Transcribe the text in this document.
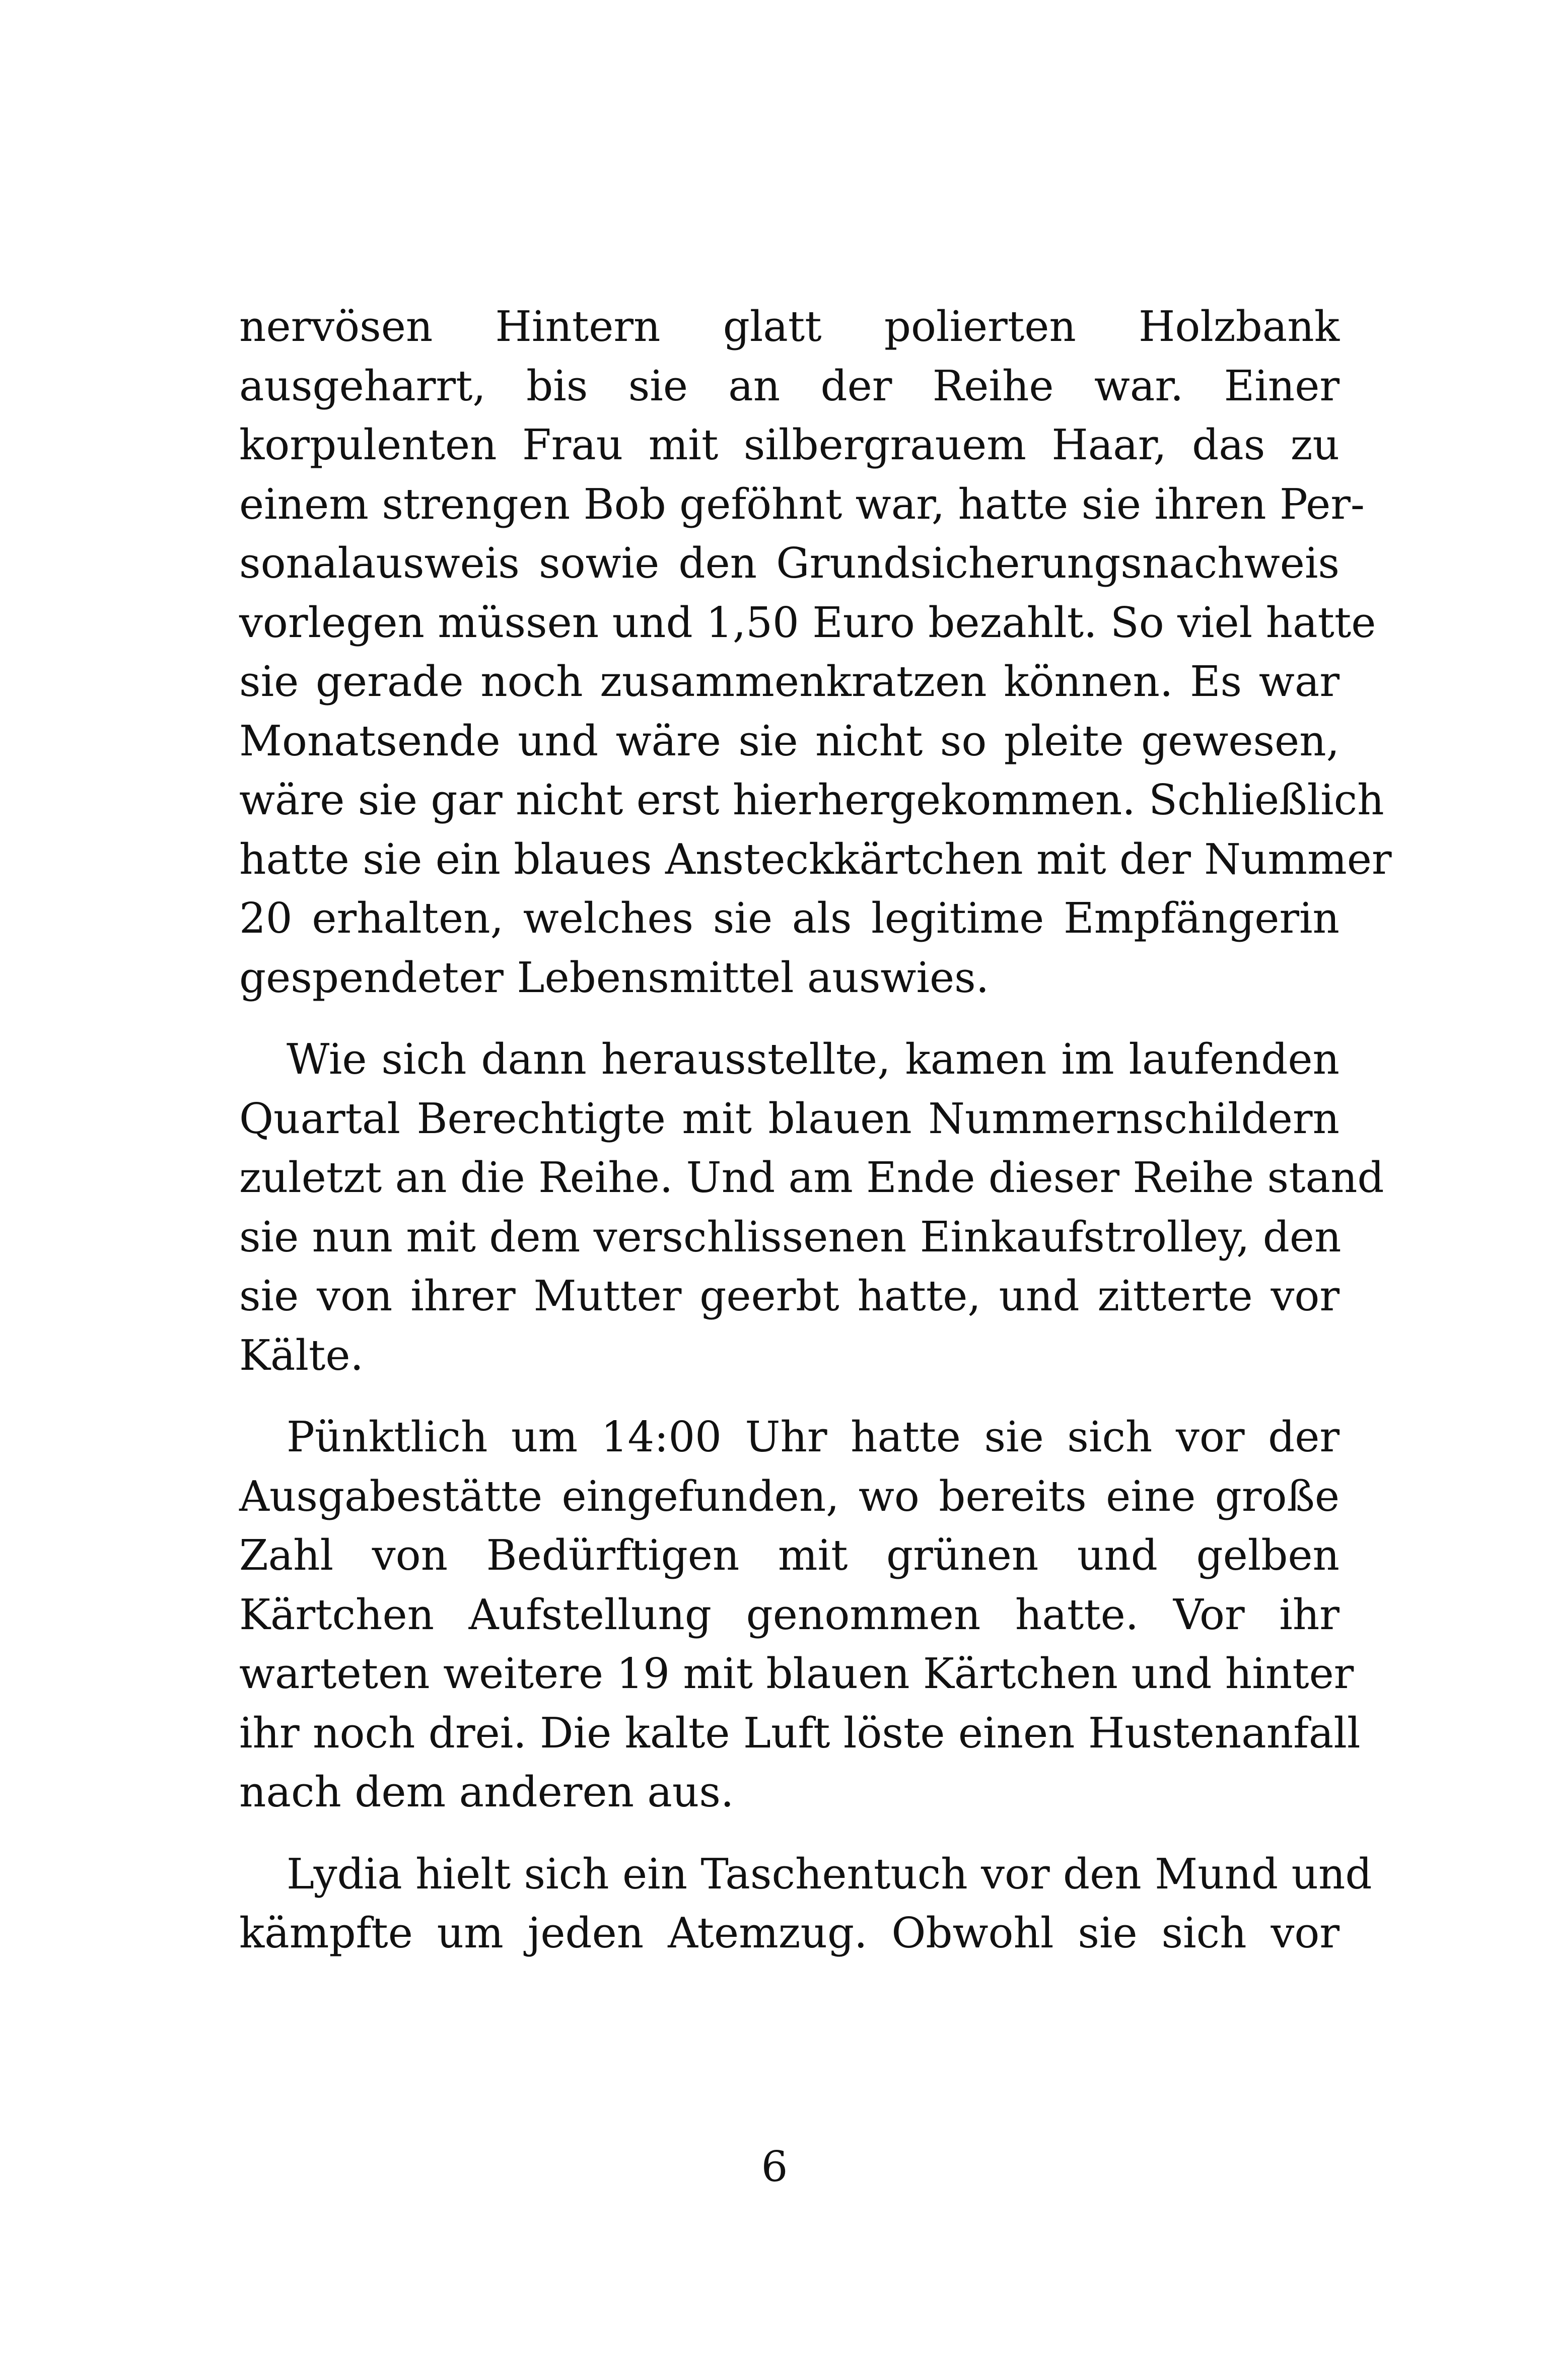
nervösen Hintern glatt polierten Holzbank
ausgeharrt, bis sie an der Reihe war. Einer
korpulenten Frau mit silbergrauem Haar, das zu
einem strengen Bob geföhnt war, hatte sie ihren Per-
sonalausweis sowie den Grundsicherungsnachweis
vorlegen müssen und 1,50 Euro bezahlt. So viel hatte
sie gerade noch zusammenkratzen können. Es war
Monatsende und wäre sie nicht so pleite gewesen,
wäre sie gar nicht erst hierhergekommen. Schließlich
hatte sie ein blaues Ansteckkärtchen mit der Nummer
20 erhalten, welches sie als legitime Empfängerin
gespendeter Lebensmittel auswies.
Wie sich dann herausstellte, kamen im laufenden
Quartal Berechtigte mit blauen Nummernschildern
zuletzt an die Reihe. Und am Ende dieser Reihe stand
sie nun mit dem verschlissenen Einkaufstrolley, den
sie von ihrer Mutter geerbt hatte, und zitterte vor
Kälte.
Pünktlich um 14:00 Uhr hatte sie sich vor der
Ausgabestätte eingefunden, wo bereits eine große
Zahl von Bedürftigen mit grünen und gelben
Kärtchen Aufstellung genommen hatte. Vor ihr
warteten weitere 19 mit blauen Kärtchen und hinter
ihr noch drei. Die kalte Luft löste einen Hustenanfall
nach dem anderen aus.
Lydia hielt sich ein Taschentuch vor den Mund und
kämpfte um jeden Atemzug. Obwohl sie sich vor
6
